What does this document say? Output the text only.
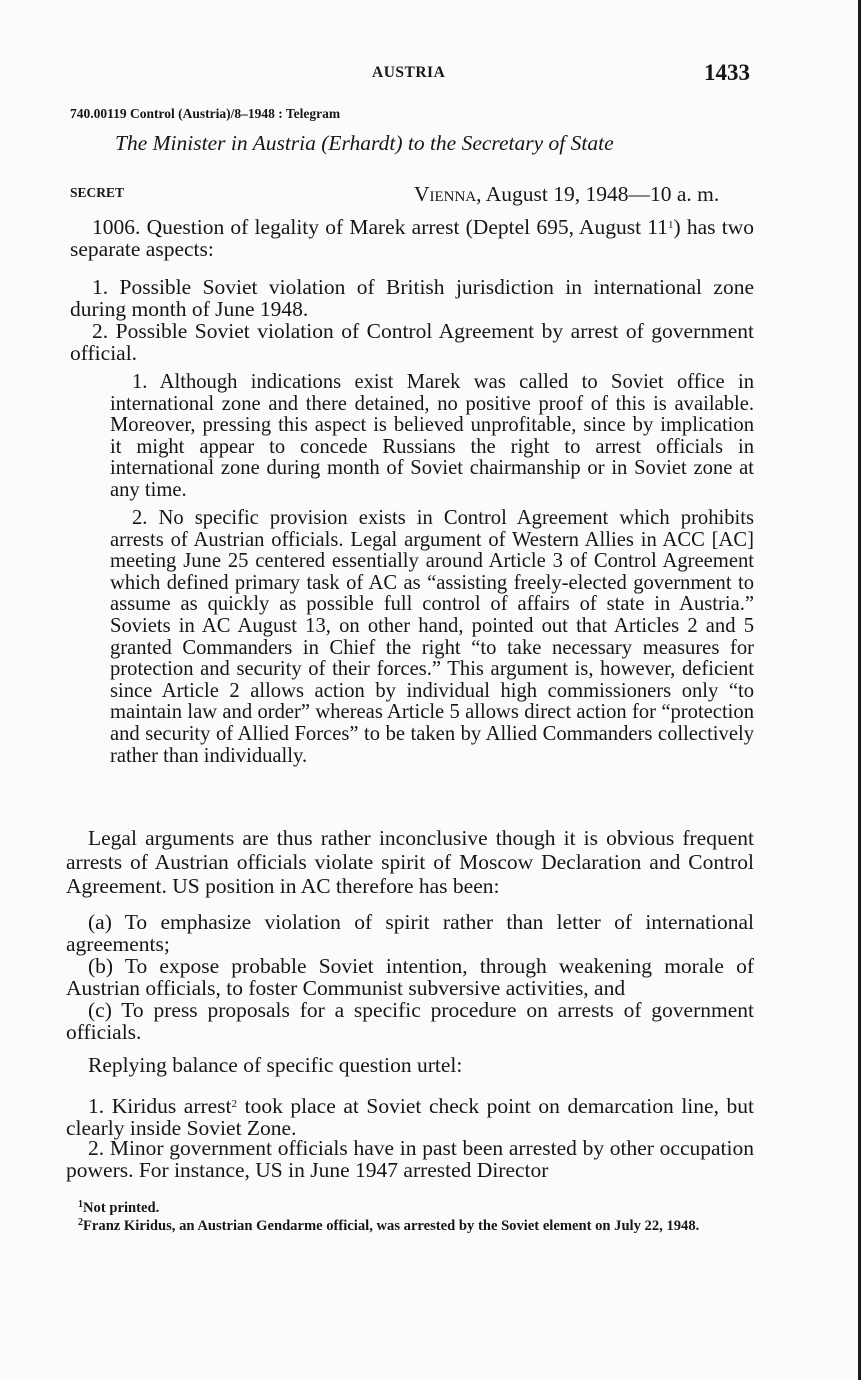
AUSTRIA	1433
740.00119 Control (Austria)/8–1948 : Telegram
The Minister in Austria (Erhardt) to the Secretary of State
SECRET	Vienna, August 19, 1948—10 a. m.

1006. Question of legality of Marek arrest (Deptel 695, August $11^1$) has two separate aspects:

1. Possible Soviet violation of British jurisdiction in international zone during month of June 1948.

2. Possible Soviet violation of Control Agreement by arrest of government official.

1. Although indications exist Marek was called to Soviet office in international zone and there detained, no positive proof of this is available. Moreover, pressing this aspect is believed unprofitable, since by implication it might appear to concede Russians the right to arrest officials in international zone during month of Soviet chairmanship or in Soviet zone at any time.

2. No specific provision exists in Control Agreement which prohibits arrests of Austrian officials. Legal argument of Western Allies in ACC [AC] meeting June 25 centered essentially around Article 3 of Control Agreement which defined primary task of AC as “assisting freely-elected government to assume as quickly as possible full control of affairs of state in Austria.” Soviets in AC August 13, on other hand, pointed out that Articles 2 and 5 granted Commanders in Chief the right “to take necessary measures for protection and security of their forces.” This argument is, however, deficient since Article 2 allows action by individual high commissioners only “to maintain law and order” whereas Article 5 allows direct action for “protection and security of Allied Forces” to be taken by Allied Commanders collectively rather than individually.

Legal arguments are thus rather inconclusive though it is obvious frequent arrests of Austrian officials violate spirit of Moscow Declaration and Control Agreement. US position in AC therefore has been:

(a) To emphasize violation of spirit rather than letter of international agreements;

(b) To expose probable Soviet intention, through weakening morale of Austrian officials, to foster Communist subversive activities, and

(c) To press proposals for a specific procedure on arrests of government officials.

Replying balance of specific question urtel:

1. Kiridus arrest$^2$ took place at Soviet check point on demarcation line, but clearly inside Soviet Zone.

2. Minor government officials have in past been arrested by other occupation powers. For instance, US in June 1947 arrested Director

$^1$Not printed.

$^2$Franz Kiridus, an Austrian Gendarme official, was arrested by the Soviet element on July 22, 1948.
